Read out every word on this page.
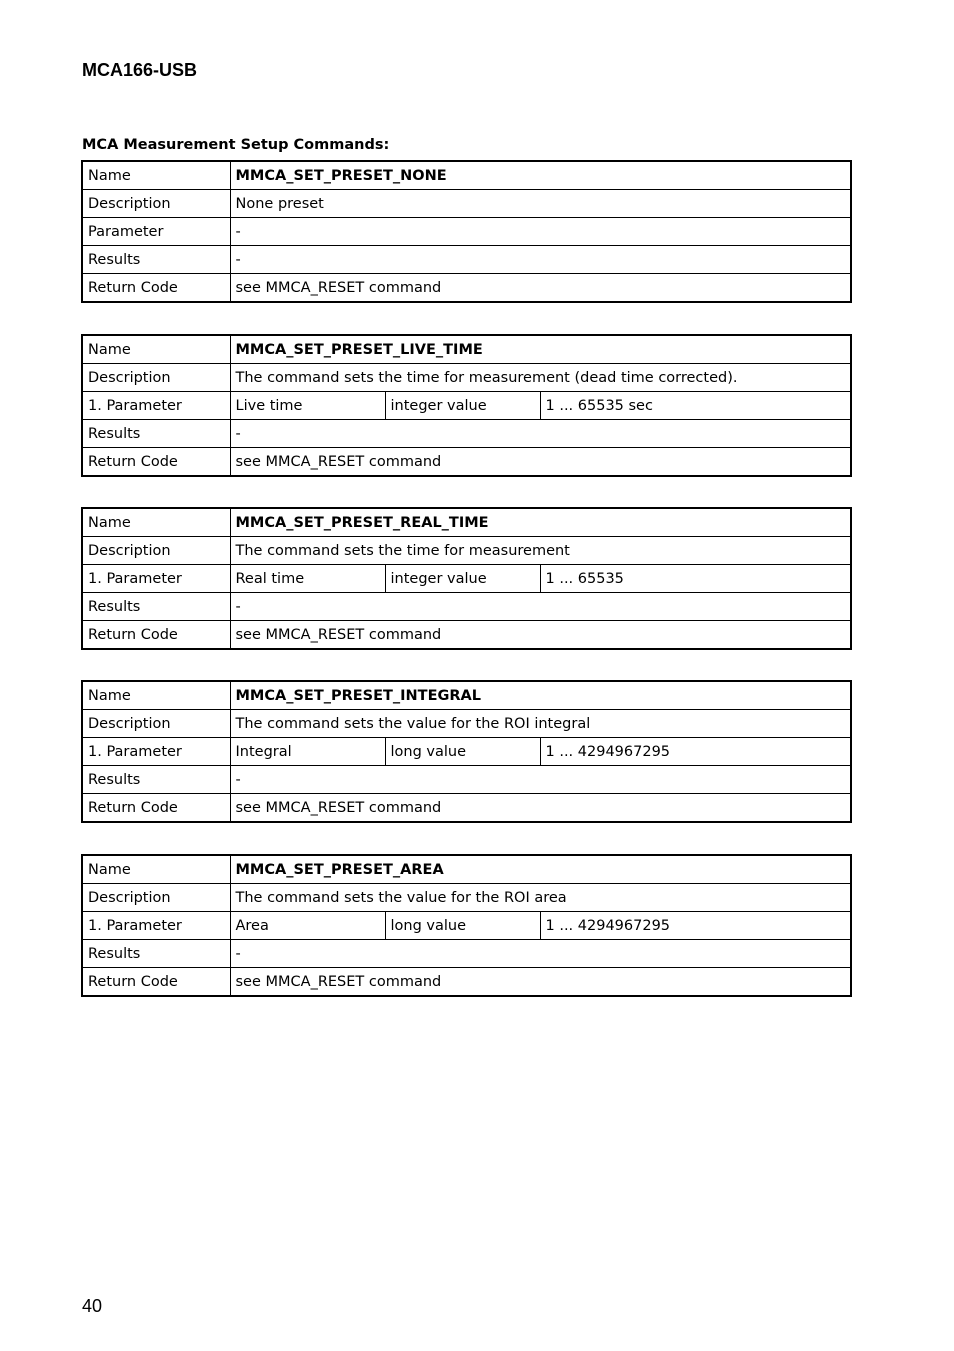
MCA166-USB
MCA Measurement Setup Commands:
Name	MMCA_SET_PRESET_NONE
Description	None preset
Parameter	-
Results	-
Return Code	see MMCA_RESET command
Name	MMCA_SET_PRESET_LIVE_TIME		
Description	The command sets the time for measurement (dead time corrected).		
1. Parameter	Live time	integer value	1 ... 65535 sec
Results	-		
Return Code	see MMCA_RESET command		
Name	MMCA_SET_PRESET_REAL_TIME		
Description	The command sets the time for measurement		
1. Parameter	Real time	integer value	1 ... 65535
Results	-		
Return Code	see MMCA_RESET command		
Name	MMCA_SET_PRESET_INTEGRAL		
Description	The command sets the value for the ROI integral		
1. Parameter	Integral	long value	1 ... 4294967295
Results	-		
Return Code	see MMCA_RESET command		
Name	MMCA_SET_PRESET_AREA		
Description	The command sets the value for the ROI area		
1. Parameter	Area	long value	1 ... 4294967295
Results	-		
Return Code	see MMCA_RESET command		
40
